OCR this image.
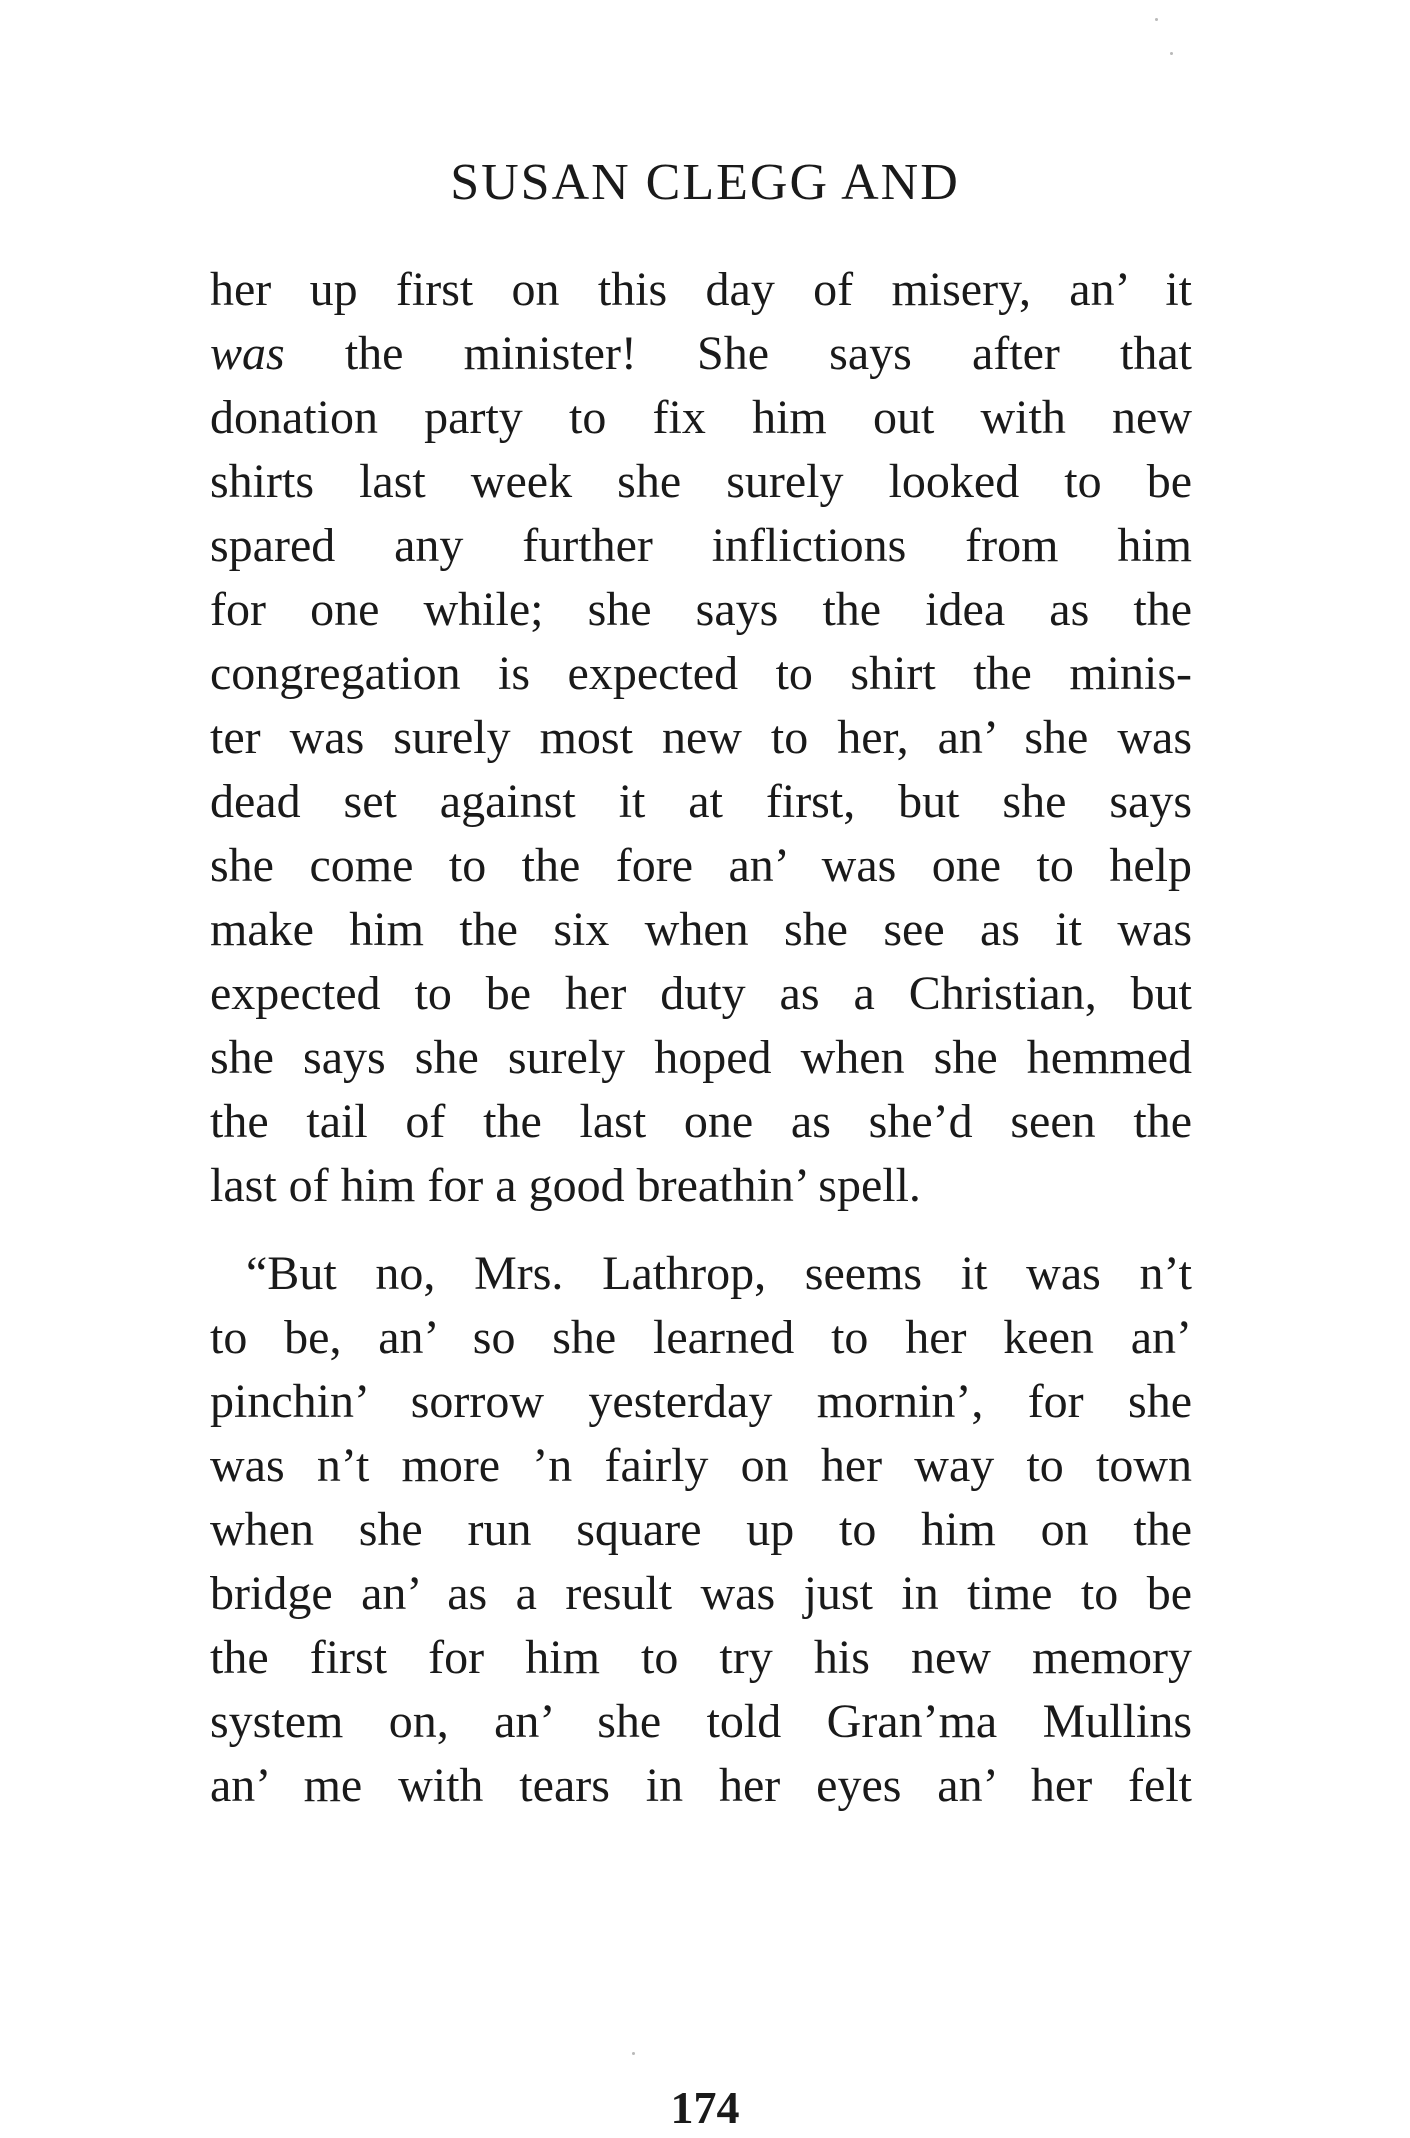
SUSAN CLEGG AND
her up first on this day of misery, an’ it
was the minister! She says after that
donation party to fix him out with new
shirts last week she surely looked to be
spared any further inflictions from him
for one while; she says the idea as the
congregation is expected to shirt the minis-
ter was surely most new to her, an’ she was
dead set against it at first, but she says
she come to the fore an’ was one to help
make him the six when she see as it was
expected to be her duty as a Christian, but
she says she surely hoped when she hemmed
the tail of the last one as she’d seen the
last of him for a good breathin’ spell.
“But no, Mrs. Lathrop, seems it was n’t
to be, an’ so she learned to her keen an’
pinchin’ sorrow yesterday mornin’, for she
was n’t more ’n fairly on her way to town
when she run square up to him on the
bridge an’ as a result was just in time to be
the first for him to try his new memory
system on, an’ she told Gran’ma Mullins
an’ me with tears in her eyes an’ her felt
174
